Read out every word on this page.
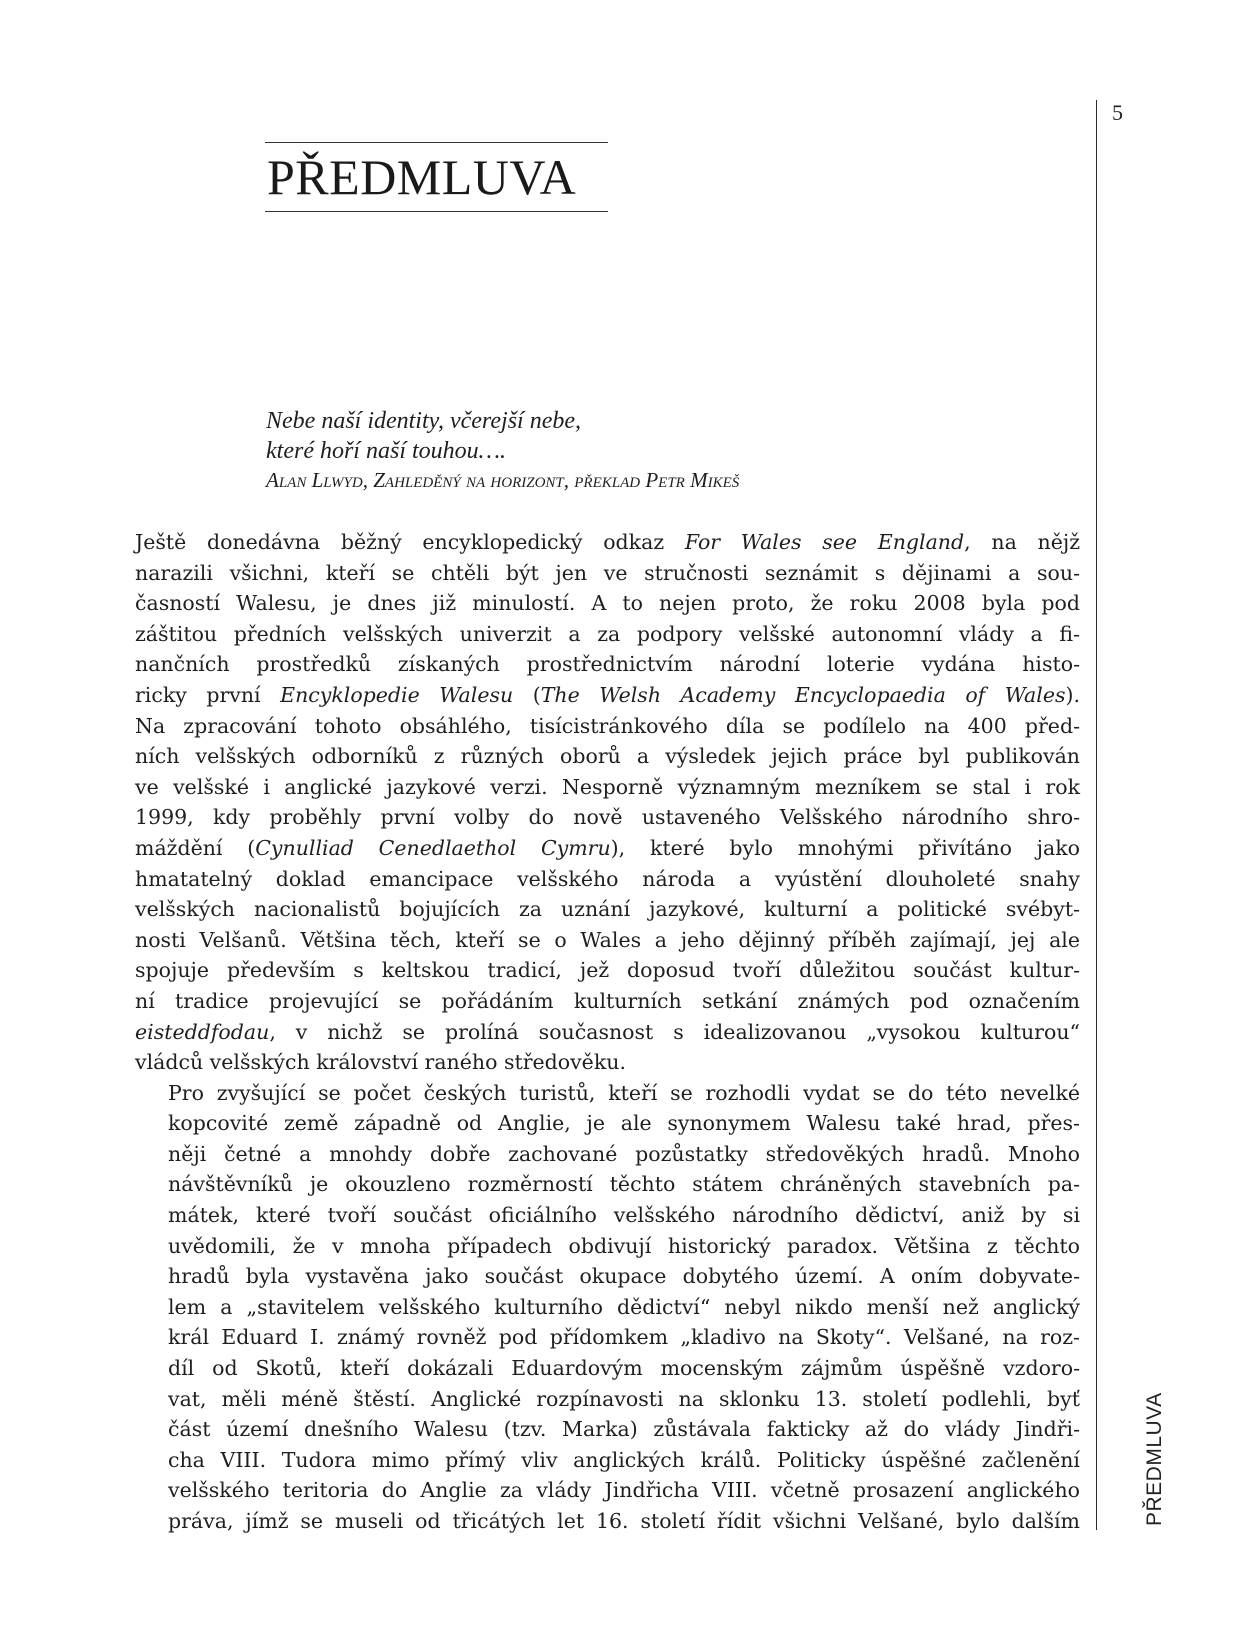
5
PŘEDMLUVA
PŘEDMLUVA
Nebe naší identity, včerejší nebe,
které hoří naší touhou….
Alan Llwyd, Zahleděný na horizont, překlad Petr Mikeš

Ještě donedávna běžný encyklopedický odkaz For Wales see England, na nějž
narazili všichni, kteří se chtěli být jen ve stručnosti seznámit s dějinami a sou-
časností Walesu, je dnes již minulostí. A to nejen proto, že roku 2008 byla pod
záštitou předních velšských univerzit a za podpory velšské autonomní vlády a fi-
nančních prostředků získaných prostřednictvím národní loterie vydána histo-
ricky první Encyklopedie Walesu (The Welsh Academy Encyclopaedia of Wales).
Na zpracování tohoto obsáhlého, tisícistránkového díla se podílelo na 400 před-
ních velšských odborníků z různých oborů a výsledek jejich práce byl publikován
ve velšské i anglické jazykové verzi. Nesporně významným mezníkem se stal i rok
1999, kdy proběhly první volby do nově ustaveného Velšského národního shro-
máždění (Cynulliad Cenedlaethol Cymru), které bylo mnohými přivítáno jako
hmatatelný doklad emancipace velšského národa a vyústění dlouholeté snahy
velšských nacionalistů bojujících za uznání jazykové, kulturní a politické svébyt-
nosti Velšanů. Většina těch, kteří se o Wales a jeho dějinný příběh zajímají, jej ale
spojuje především s keltskou tradicí, jež doposud tvoří důležitou součást kultur-
ní tradice projevující se pořádáním kulturních setkání známých pod označením
eisteddfodau, v nichž se prolíná současnost s idealizovanou „vysokou kulturou“
vládců velšských království raného středověku.

Pro zvyšující se počet českých turistů, kteří se rozhodli vydat se do této nevelké
kopcovité země západně od Anglie, je ale synonymem Walesu také hrad, přes-
něji četné a mnohdy dobře zachované pozůstatky středověkých hradů. Mnoho
návštěvníků je okouzleno rozměrností těchto státem chráněných stavebních pa-
mátek, které tvoří součást oficiálního velšského národního dědictví, aniž by si
uvědomili, že v mnoha případech obdivují historický paradox. Většina z těchto
hradů byla vystavěna jako součást okupace dobytého území. A oním dobyvate-
lem a „stavitelem velšského kulturního dědictví“ nebyl nikdo menší než anglický
král Eduard I. známý rovněž pod přídomkem „kladivo na Skoty“. Velšané, na roz-
díl od Skotů, kteří dokázali Eduardovým mocenským zájmům úspěšně vzdoro-
vat, měli méně štěstí. Anglické rozpínavosti na sklonku 13. století podlehli, byť
část území dnešního Walesu (tzv. Marka) zůstávala fakticky až do vlády Jindři-
cha VIII. Tudora mimo přímý vliv anglických králů. Politicky úspěšné začlenění
velšského teritoria do Anglie za vlády Jindřicha VIII. včetně prosazení anglického
práva, jímž se museli od třicátých let 16. století řídit všichni Velšané, bylo dalším
